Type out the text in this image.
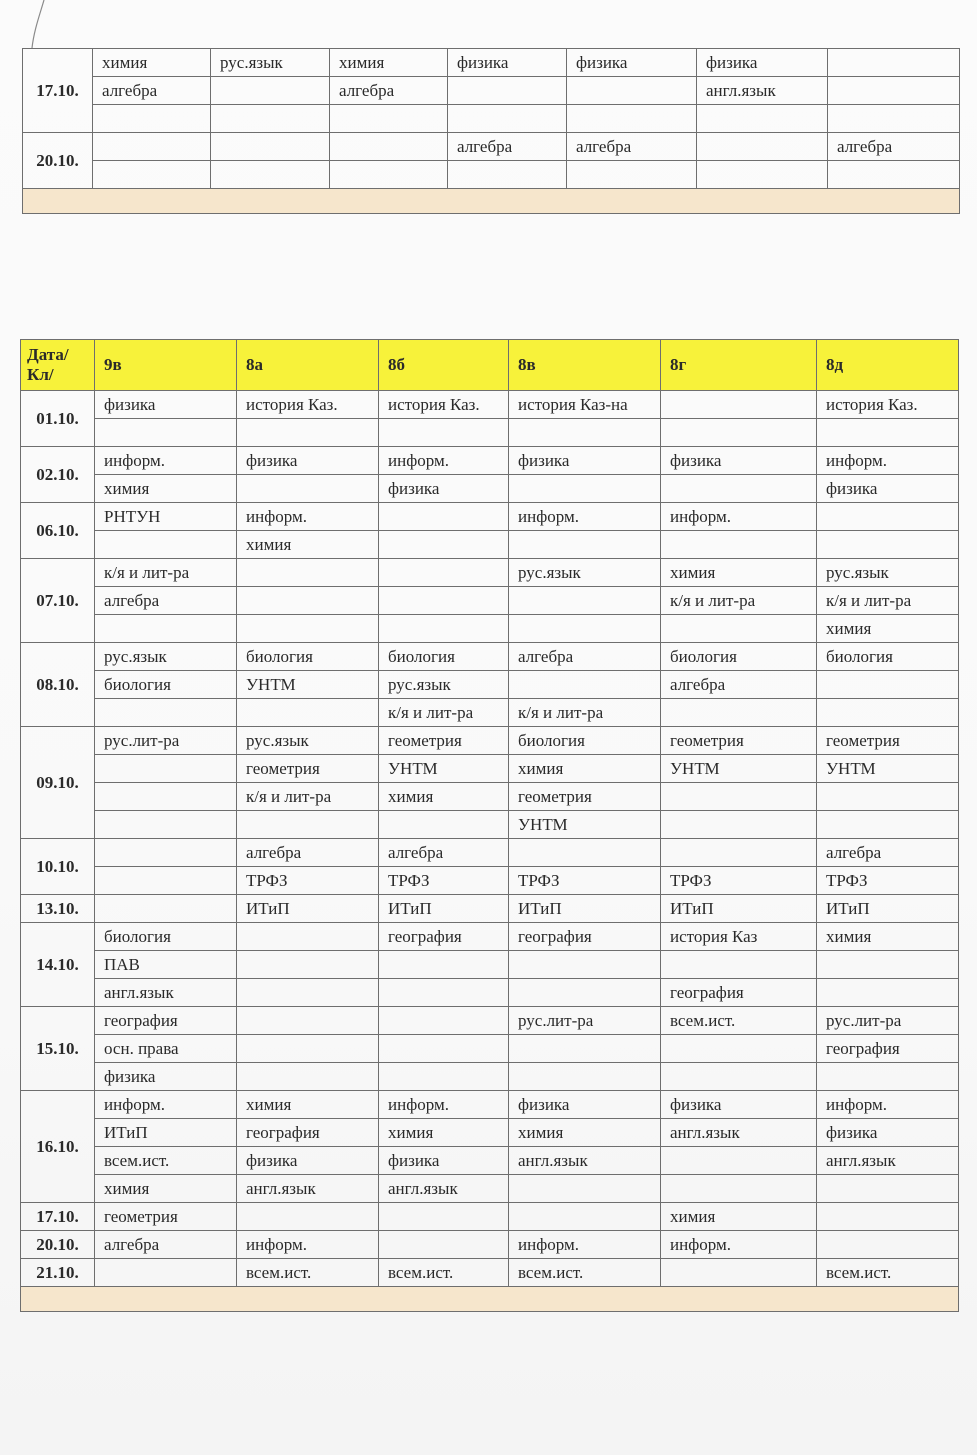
17.10.	химия	рус.язык	химия	физика	физика	физика	
	алгебра		алгебра			англ.язык	

20.10.				алгебра	алгебра		алгебра

Дата/
Кл/	9в	8а	8б	8в	8г	8д
01.10.	физика	история Каз.	история Каз.	история Каз-на		история Каз.

02.10.	информ.	физика	информ.	физика	физика	информ.
	химия		физика			физика
06.10.	РНТУН	информ.		информ.	информ.	
		химия				
07.10.	к/я и лит-ра			рус.язык	химия	рус.язык
	алгебра				к/я и лит-ра	к/я и лит-ра
						химия
08.10.	рус.язык	биология	биология	алгебра	биология	биология
	биология	УНТМ	рус.язык		алгебра	
			к/я и лит-ра	к/я и лит-ра		
09.10.	рус.лит-ра	рус.язык	геометрия	биология	геометрия	геометрия
		геометрия	УНТМ	химия	УНТМ	УНТМ
		к/я и лит-ра	химия	геометрия		
				УНТМ		
10.10.		алгебра	алгебра			алгебра
		ТРФЗ	ТРФЗ	ТРФЗ	ТРФЗ	ТРФЗ
13.10.		ИТиП	ИТиП	ИТиП	ИТиП	ИТиП
14.10.	биология		география	география	история Каз	химия
	ПАВ					
	англ.язык				география	
15.10.	география			рус.лит-ра	всем.ист.	рус.лит-ра
	осн. права					география
	физика					
16.10.	информ.	химия	информ.	физика	физика	информ.
	ИТиП	география	химия	химия	англ.язык	физика
	всем.ист.	физика	физика	англ.язык		англ.язык
	химия	англ.язык	англ.язык			
17.10.	геометрия				химия	
20.10.	алгебра	информ.		информ.	информ.	
21.10.		всем.ист.	всем.ист.	всем.ист.		всем.ист.
